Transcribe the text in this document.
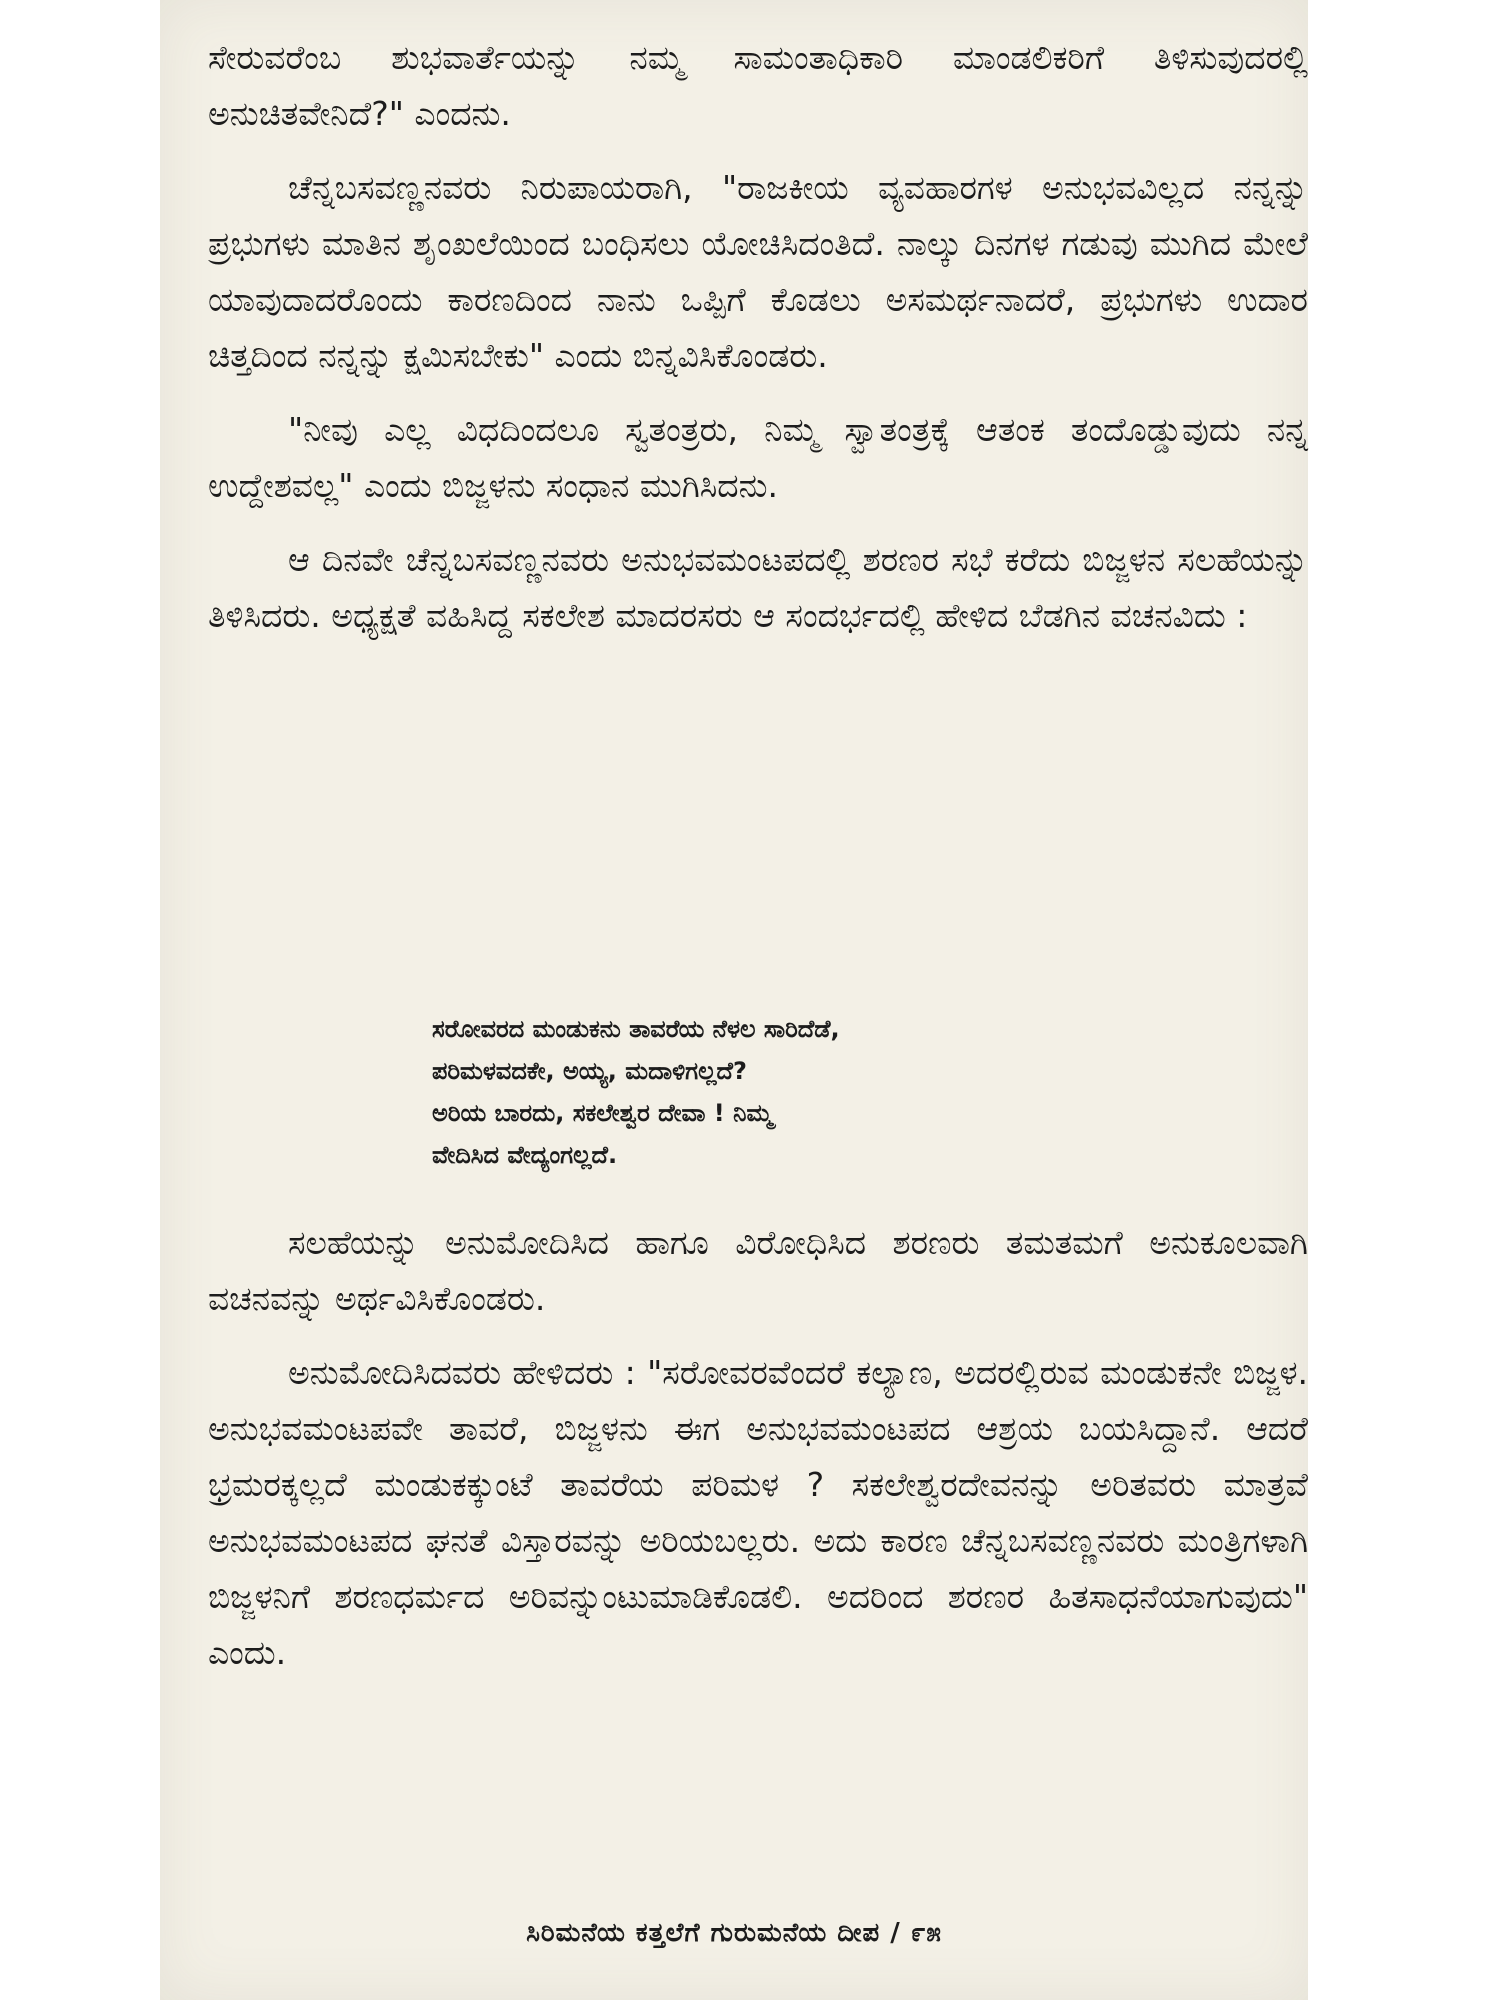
ಸೇರುವರೆಂಬ ಶುಭವಾರ್ತೆಯನ್ನು ನಮ್ಮ ಸಾಮಂತಾಧಿಕಾರಿ ಮಾಂಡಲಿಕರಿಗೆ ತಿಳಿಸುವುದರಲ್ಲಿ ಅನುಚಿತವೇನಿದೆ?" ಎಂದನು.

ಚೆನ್ನಬಸವಣ್ಣನವರು ನಿರುಪಾಯರಾಗಿ, "ರಾಜಕೀಯ ವ್ಯವಹಾರಗಳ ಅನುಭವವಿಲ್ಲದ ನನ್ನನ್ನು ಪ್ರಭುಗಳು ಮಾತಿನ ಶೃಂಖಲೆಯಿಂದ ಬಂಧಿಸಲು ಯೋಚಿಸಿದಂತಿದೆ. ನಾಲ್ಕು ದಿನಗಳ ಗಡುವು ಮುಗಿದ ಮೇಲೆ ಯಾವುದಾದರೊಂದು ಕಾರಣದಿಂದ ನಾನು ಒಪ್ಪಿಗೆ ಕೊಡಲು ಅಸಮರ್ಥನಾದರೆ, ಪ್ರಭುಗಳು ಉದಾರ ಚಿತ್ತದಿಂದ ನನ್ನನ್ನು ಕ್ಷಮಿಸಬೇಕು" ಎಂದು ಬಿನ್ನವಿಸಿಕೊಂಡರು.

"ನೀವು ಎಲ್ಲ ವಿಧದಿಂದಲೂ ಸ್ವತಂತ್ರರು, ನಿಮ್ಮ ಸ್ವಾತಂತ್ರಕ್ಕೆ ಆತಂಕ ತಂದೊಡ್ಡುವುದು ನನ್ನ ಉದ್ದೇಶವಲ್ಲ" ಎಂದು ಬಿಜ್ಜಳನು ಸಂಧಾನ ಮುಗಿಸಿದನು.

ಆ ದಿನವೇ ಚೆನ್ನಬಸವಣ್ಣನವರು ಅನುಭವಮಂಟಪದಲ್ಲಿ ಶರಣರ ಸಭೆ ಕರೆದು ಬಿಜ್ಜಳನ ಸಲಹೆಯನ್ನು ತಿಳಿಸಿದರು. ಅಧ್ಯಕ್ಷತೆ ವಹಿಸಿದ್ದ ಸಕಲೇಶ ಮಾದರಸರು ಆ ಸಂದರ್ಭದಲ್ಲಿ ಹೇಳಿದ ಬೆಡಗಿನ ವಚನವಿದು :

ಸರೋವರದ ಮಂಡುಕನು ತಾವರೆಯ ನೆಳಲ ಸಾರಿದೆಡೆ,
ಪರಿಮಳವದಕೇ, ಅಯ್ಯ, ಮದಾಳಿಗಲ್ಲದೆ?
ಅರಿಯ ಬಾರದು, ಸಕಲೇಶ್ವರ ದೇವಾ ! ನಿಮ್ಮ
ವೇದಿಸಿದ ವೇದ್ಯಂಗಲ್ಲದೆ.

ಸಲಹೆಯನ್ನು ಅನುಮೋದಿಸಿದ ಹಾಗೂ ವಿರೋಧಿಸಿದ ಶರಣರು ತಮತಮಗೆ ಅನುಕೂಲವಾಗಿ ವಚನವನ್ನು ಅರ್ಥವಿಸಿಕೊಂಡರು.

ಅನುಮೋದಿಸಿದವರು ಹೇಳಿದರು : "ಸರೋವರವೆಂದರೆ ಕಲ್ಯಾಣ, ಅದರಲ್ಲಿರುವ ಮಂಡುಕನೇ ಬಿಜ್ಜಳ. ಅನುಭವಮಂಟಪವೇ ತಾವರೆ, ಬಿಜ್ಜಳನು ಈಗ ಅನುಭವಮಂಟಪದ ಆಶ್ರಯ ಬಯಸಿದ್ದಾನೆ. ಆದರೆ ಭ್ರಮರಕ್ಕಲ್ಲದೆ ಮಂಡುಕಕ್ಕುಂಟೆ ತಾವರೆಯ ಪರಿಮಳ ? ಸಕಲೇಶ್ವರದೇವನನ್ನು ಅರಿತವರು ಮಾತ್ರವೆ ಅನುಭವಮಂಟಪದ ಘನತೆ ವಿಸ್ತಾರವನ್ನು ಅರಿಯಬಲ್ಲರು. ಅದು ಕಾರಣ ಚೆನ್ನಬಸವಣ್ಣನವರು ಮಂತ್ರಿಗಳಾಗಿ ಬಿಜ್ಜಳನಿಗೆ ಶರಣಧರ್ಮದ ಅರಿವನ್ನುಂಟುಮಾಡಿಕೊಡಲಿ. ಅದರಿಂದ ಶರಣರ ಹಿತಸಾಧನೆಯಾಗುವುದು" ಎಂದು.

ಸಿರಿಮನೆಯ ಕತ್ತಲೆಗೆ ಗುರುಮನೆಯ ದೀಪ / ೯೫
